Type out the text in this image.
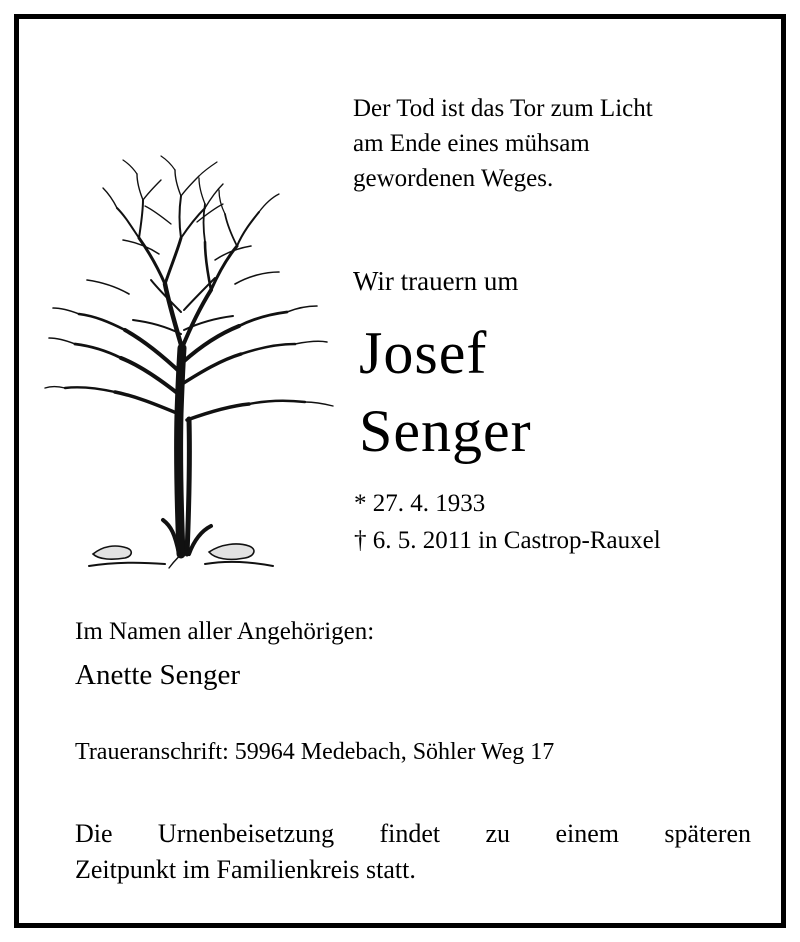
Der Tod ist das Tor zum Licht
am Ende eines mühsam
gewordenen Weges.
Wir trauern um
Josef
Senger
* 27. 4. 1933
† 6. 5. 2011 in Castrop-Rauxel
Im Namen aller Angehörigen:
Anette Senger
Traueranschrift: 59964 Medebach, Söhler Weg 17
Die Urnenbeisetzung findet zu einem späteren
Zeitpunkt im Familienkreis statt.
